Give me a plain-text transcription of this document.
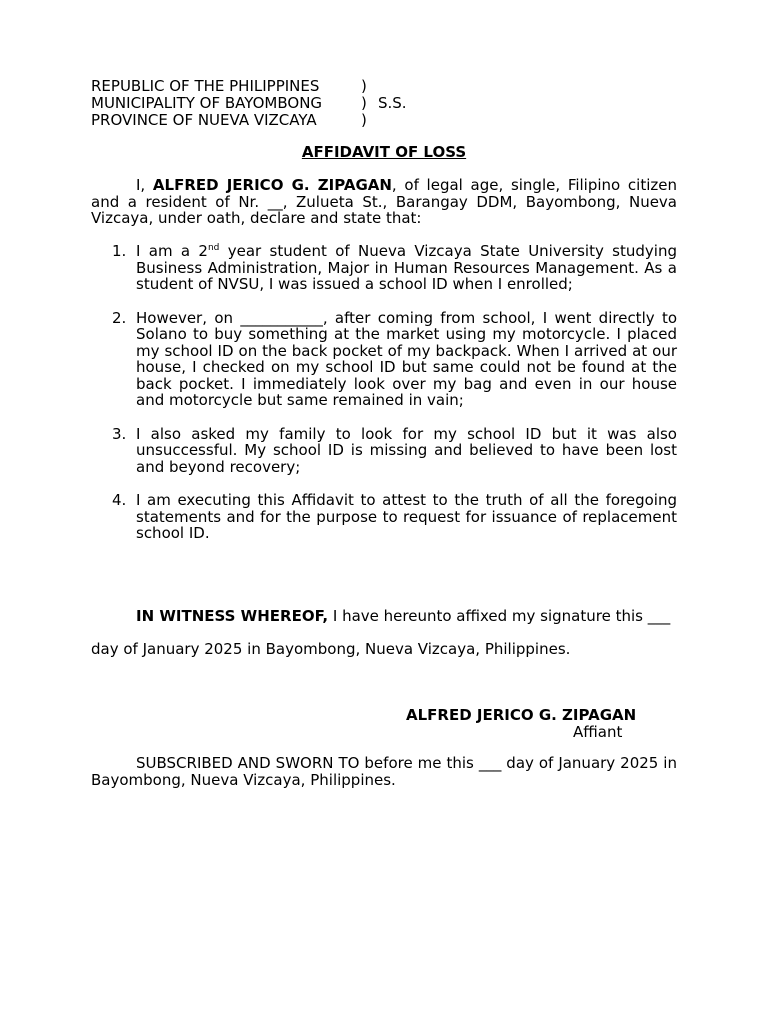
REPUBLIC OF THE PHILIPPINES	)
MUNICIPALITY OF BAYOMBONG	) S.S.
PROVINCE OF NUEVA VIZCAYA	)
AFFIDAVIT OF LOSS
I, ALFRED JERICO G. ZIPAGAN, of legal age, single, Filipino citizen and a resident of Nr. __, Zulueta St., Barangay DDM, Bayombong, Nueva Vizcaya, under oath, declare and state that:
1. I am a 2nd year student of Nueva Vizcaya State University studying Business Administration, Major in Human Resources Management. As a student of NVSU, I was issued a school ID when I enrolled;
2. However, on ___________, after coming from school, I went directly to Solano to buy something at the market using my motorcycle. I placed my school ID on the back pocket of my backpack. When I arrived at our house, I checked on my school ID but same could not be found at the back pocket. I immediately look over my bag and even in our house and motorcycle but same remained in vain;
3. I also asked my family to look for my school ID but it was also unsuccessful. My school ID is missing and believed to have been lost and beyond recovery;
4. I am executing this Affidavit to attest to the truth of all the foregoing statements and for the purpose to request for issuance of replacement school ID.
IN WITNESS WHEREOF, I have hereunto affixed my signature this ___
day of January 2025 in Bayombong, Nueva Vizcaya, Philippines.
ALFRED JERICO G. ZIPAGAN
Affiant
SUBSCRIBED AND SWORN TO before me this ___ day of January 2025 in Bayombong, Nueva Vizcaya, Philippines.
